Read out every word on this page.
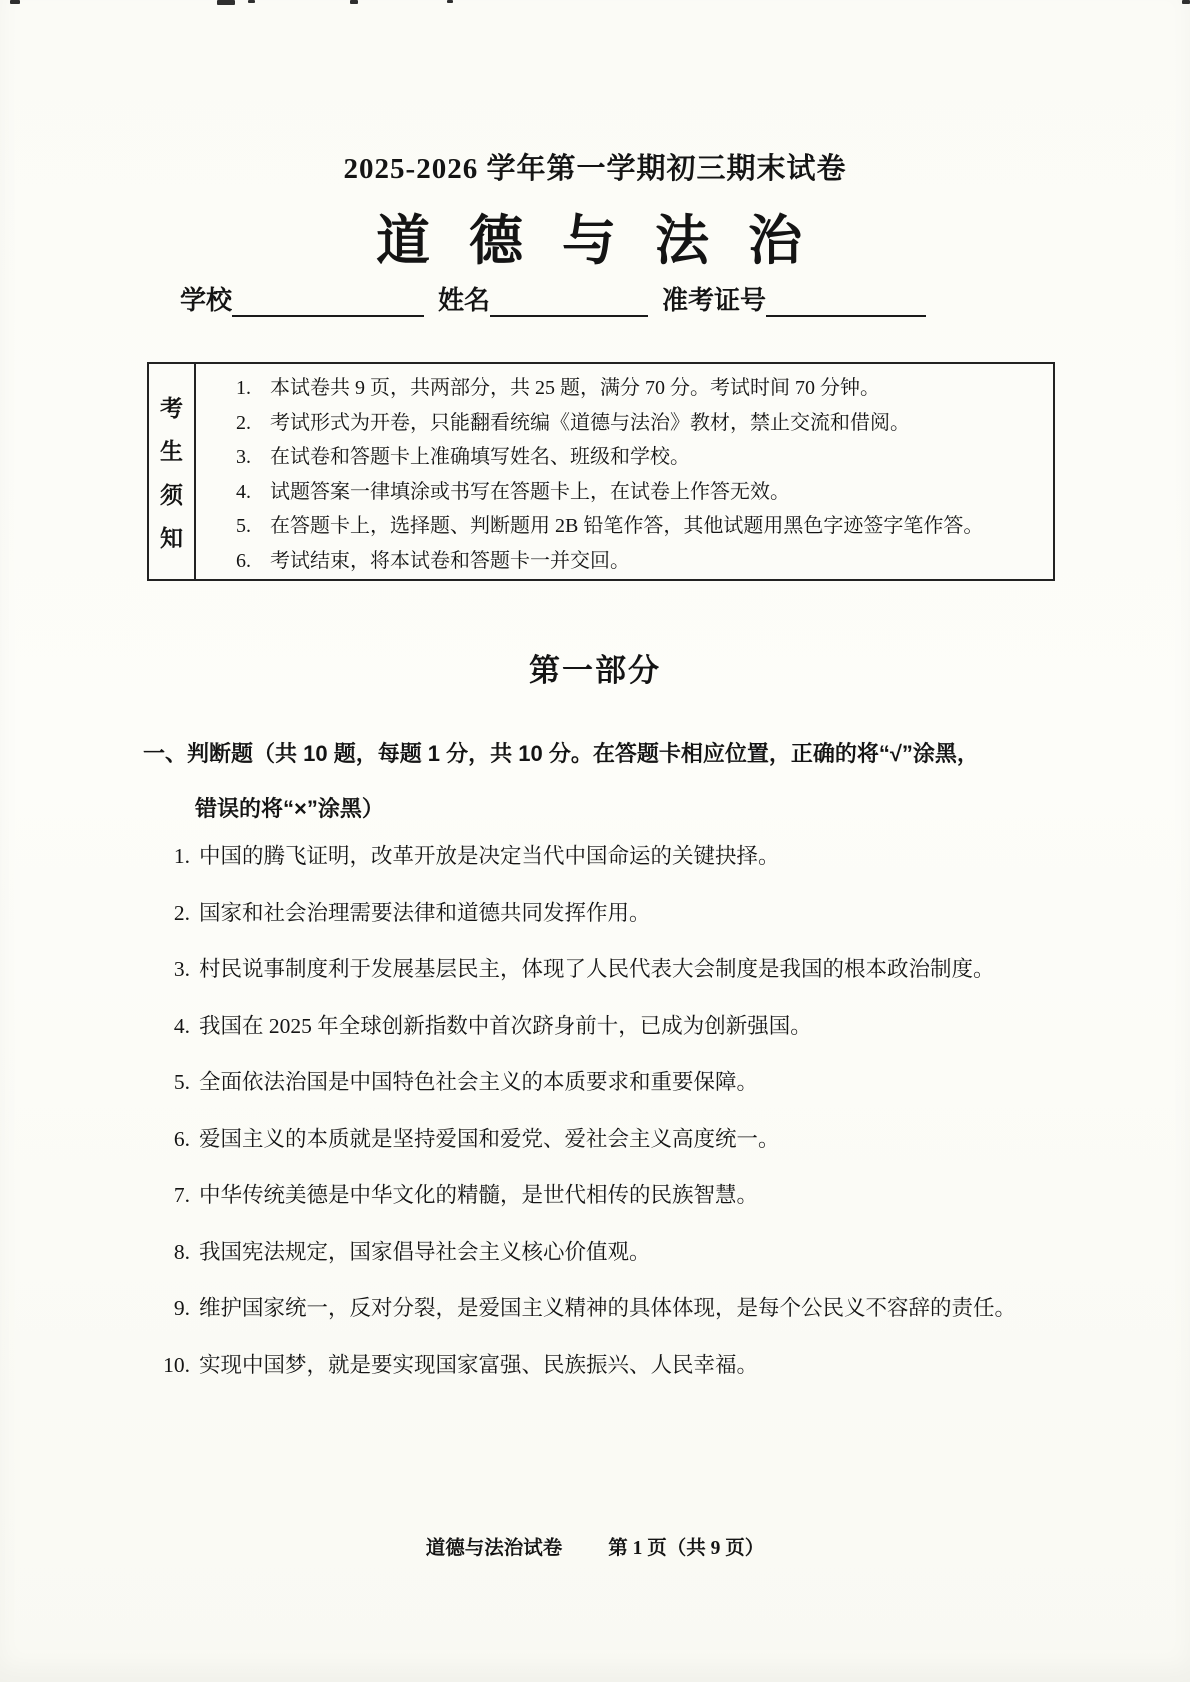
2025-2026 学年第一学期初三期末试卷
道 德 与 法 治
学校	姓名	准考证号
考
生
须
知
1. 本试卷共 9 页，共两部分，共 25 题，满分 70 分。考试时间 70 分钟。
2. 考试形式为开卷，只能翻看统编《道德与法治》教材，禁止交流和借阅。
3. 在试卷和答题卡上准确填写姓名、班级和学校。
4. 试题答案一律填涂或书写在答题卡上，在试卷上作答无效。
5. 在答题卡上，选择题、判断题用 2B 铅笔作答，其他试题用黑色字迹签字笔作答。
6. 考试结束，将本试卷和答题卡一并交回。
第一部分
一、判断题（共 10 题，每题 1 分，共 10 分。在答题卡相应位置，正确的将“√”涂黑，
错误的将“×”涂黑）
1. 中国的腾飞证明，改革开放是决定当代中国命运的关键抉择。
2. 国家和社会治理需要法律和道德共同发挥作用。
3. 村民说事制度利于发展基层民主，体现了人民代表大会制度是我国的根本政治制度。
4. 我国在 2025 年全球创新指数中首次跻身前十，已成为创新强国。
5. 全面依法治国是中国特色社会主义的本质要求和重要保障。
6. 爱国主义的本质就是坚持爱国和爱党、爱社会主义高度统一。
7. 中华传统美德是中华文化的精髓，是世代相传的民族智慧。
8. 我国宪法规定，国家倡导社会主义核心价值观。
9. 维护国家统一，反对分裂，是爱国主义精神的具体体现，是每个公民义不容辞的责任。
10. 实现中国梦，就是要实现国家富强、民族振兴、人民幸福。
道德与法治试卷 第 1 页（共 9 页）
